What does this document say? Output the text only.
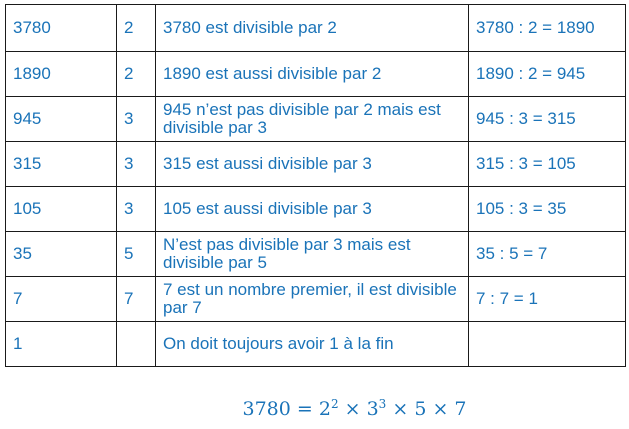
3780	2	3780 est divisible par 2	3780 : 2 = 1890
1890	2	1890 est aussi divisible par 2	1890 : 2 = 945
945	3	945 n’est pas divisible par 2 mais est divisible par 3	945 : 3 = 315
315	3	315 est aussi divisible par 3	315 : 3 = 105
105	3	105 est aussi divisible par 3	105 : 3 = 35
35	5	N’est pas divisible par 3 mais est divisible par 5	35 : 5 = 7
7	7	7 est un nombre premier, il est divisible par 7	7 : 7 = 1
1		On doit toujours avoir 1 à la fin	
$3780 = 2^2 \times 3^3 \times 5 \times 7$
